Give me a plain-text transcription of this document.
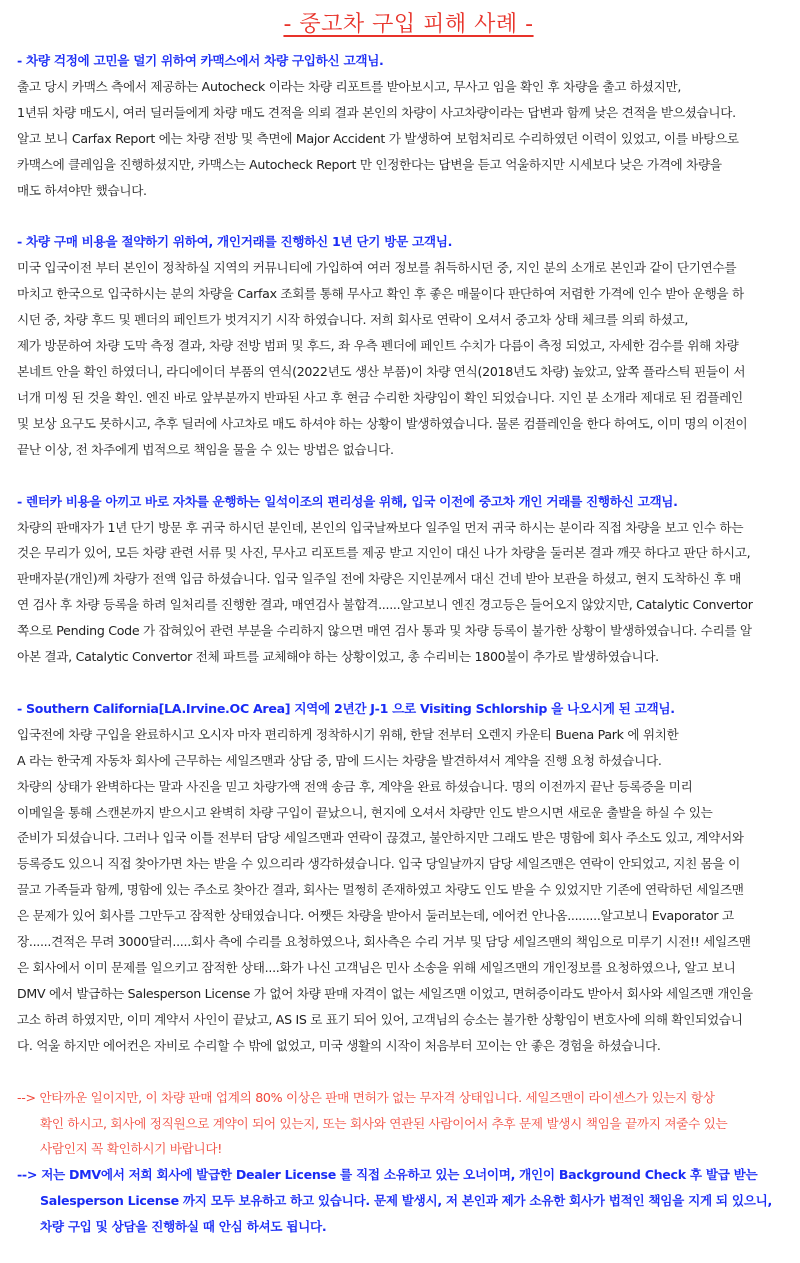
- 중고차 구입 피해 사례 -
- 차량 걱정에 고민을 덜기 위하여 카맥스에서 차량 구입하신 고객님.
출고 당시 카맥스 측에서 제공하는 Autocheck 이라는 차량 리포트를 받아보시고, 무사고 임을 확인 후 차량을 출고 하셨지만,
1년뒤 차량 매도시, 여러 딜러들에게 차량 매도 견적을 의뢰 결과 본인의 차량이 사고차량이라는 답변과 함께 낮은 견적을 받으셨습니다.
알고 보니 Carfax Report 에는 차량 전방 및 측면에 Major Accident 가 발생하여 보험처리로 수리하였던 이력이 있었고, 이를 바탕으로
카맥스에 클레임을 진행하셨지만, 카맥스는 Autocheck Report 만 인정한다는 답변을 듣고 억울하지만 시세보다 낮은 가격에 차량을
매도 하셔야만 했습니다.
- 차량 구매 비용을 절약하기 위하여, 개인거래를 진행하신 1년 단기 방문 고객님.
미국 입국이전 부터 본인이 정착하실 지역의 커뮤니티에 가입하여 여러 정보를 취득하시던 중, 지인 분의 소개로 본인과 같이 단기연수를
마치고 한국으로 입국하시는 분의 차량을 Carfax 조회를 통해 무사고 확인 후 좋은 매물이다 판단하여 저렴한 가격에 인수 받아 운행을 하
시던 중, 차량 후드 및 펜더의 페인트가 벗겨지기 시작 하였습니다. 저희 회사로 연락이 오셔서 중고차 상태 체크를 의뢰 하셨고,
제가 방문하여 차량 도막 측정 결과, 차량 전방 범퍼 및 후드, 좌 우측 펜더에 페인트 수치가 다름이 측정 되었고, 자세한 검수를 위해 차량
본네트 안을 확인 하였더니, 라디에이더 부품의 연식(2022년도 생산 부품)이 차량 연식(2018년도 차량) 높았고, 앞쪽 플라스틱 핀들이 서
너개 미씽 된 것을 확인. 엔진 바로 앞부분까지 반파된 사고 후 현금 수리한 차량임이 확인 되었습니다. 지인 분 소개라 제대로 된 컴플레인
및 보상 요구도 못하시고, 추후 딜러에 사고차로 매도 하셔야 하는 상황이 발생하였습니다. 물론 컴플레인을 한다 하여도, 이미 명의 이전이
끝난 이상, 전 차주에게 법적으로 책임을 물을 수 있는 방법은 없습니다.
- 렌터카 비용을 아끼고 바로 자차를 운행하는 일석이조의 편리성을 위해, 입국 이전에 중고차 개인 거래를 진행하신 고객님.
차량의 판매자가 1년 단기 방문 후 귀국 하시던 분인데, 본인의 입국날짜보다 일주일 먼저 귀국 하시는 분이라 직접 차량을 보고 인수 하는
것은 무리가 있어, 모든 차량 관련 서류 및 사진, 무사고 리포트를 제공 받고 지인이 대신 나가 차량을 둘러본 결과 깨끗 하다고 판단 하시고,
판매자분(개인)께 차량가 전액 입금 하셨습니다. 입국 일주일 전에 차량은 지인분께서 대신 건네 받아 보관을 하셨고, 현지 도착하신 후 매
연 검사 후 차량 등록을 하려 일처리를 진행한 결과, 매연검사 불합격......알고보니 엔진 경고등은 들어오지 않았지만, Catalytic Convertor
쪽으로 Pending Code 가 잡혀있어 관련 부분을 수리하지 않으면 매연 검사 통과 및 차량 등록이 불가한 상황이 발생하였습니다. 수리를 알
아본 결과, Catalytic Convertor 전체 파트를 교체해야 하는 상황이었고, 총 수리비는 1800불이 추가로 발생하였습니다.
- Southern California[LA.Irvine.OC Area] 지역에 2년간 J-1 으로 Visiting Schlorship 을 나오시게 된 고객님.
입국전에 차량 구입을 완료하시고 오시자 마자 편리하게 정착하시기 위해, 한달 전부터 오렌지 카운티 Buena Park 에 위치한
A 라는 한국계 자동차 회사에 근무하는 세일즈맨과 상담 중, 맘에 드시는 차량을 발견하셔서 계약을 진행 요청 하셨습니다.
차량의 상태가 완벽하다는 말과 사진을 믿고 차량가액 전액 송금 후, 계약을 완료 하셨습니다. 명의 이전까지 끝난 등록증을 미리
이메일을 통해 스캔본까지 받으시고 완벽히 차량 구입이 끝났으니, 현지에 오셔서 차량만 인도 받으시면 새로운 출발을 하실 수 있는
준비가 되셨습니다. 그러나 입국 이틀 전부터 담당 세일즈맨과 연락이 끊겼고, 불안하지만 그래도 받은 명함에 회사 주소도 있고, 계약서와
등록증도 있으니 직접 찾아가면 차는 받을 수 있으리라 생각하셨습니다. 입국 당일날까지 담당 세일즈맨은 연락이 안되었고, 지친 몸을 이
끌고 가족들과 함께, 명함에 있는 주소로 찾아간 결과, 회사는 멀쩡히 존재하였고 차량도 인도 받을 수 있었지만 기존에 연락하던 세일즈맨
은 문제가 있어 회사를 그만두고 잠적한 상태였습니다. 어쨋든 차량을 받아서 둘러보는데, 에어컨 안나옴.........알고보니 Evaporator 고
장......견적은 무려 3000달러.....회사 측에 수리를 요청하였으나, 회사측은 수리 거부 및 담당 세일즈맨의 책임으로 미루기 시전!! 세일즈맨
은 회사에서 이미 문제를 일으키고 잠적한 상태....화가 나신 고객님은 민사 소송을 위해 세일즈맨의 개인정보를 요청하였으나, 알고 보니
DMV 에서 발급하는 Salesperson License 가 없어 차량 판매 자격이 없는 세일즈맨 이었고, 면허증이라도 받아서 회사와 세일즈맨 개인을
고소 하려 하였지만, 이미 계약서 사인이 끝났고, AS IS 로 표기 되어 있어, 고객님의 승소는 불가한 상황임이 변호사에 의해 확인되었습니
다. 억울 하지만 에어컨은 자비로 수리할 수 밖에 없었고, 미국 생활의 시작이 처음부터 꼬이는 안 좋은 경험을 하셨습니다.
--> 안타까운 일이지만, 이 차량 판매 업계의 80% 이상은 판매 면허가 없는 무자격 상태입니다. 세일즈맨이 라이센스가 있는지 항상
확인 하시고, 회사에 정직원으로 계약이 되어 있는지, 또는 회사와 연관된 사람이어서 추후 문제 발생시 책임을 끝까지 져줄수 있는
사람인지 꼭 확인하시기 바랍니다!
--> 저는 DMV에서 저희 회사에 발급한 Dealer License 를 직접 소유하고 있는 오너이며, 개인이 Background Check 후 발급 받는
Salesperson License 까지 모두 보유하고 하고 있습니다. 문제 발생시, 저 본인과 제가 소유한 회사가 법적인 책임을 지게 되 있으니,
차량 구입 및 상담을 진행하실 때 안심 하셔도 됩니다.
